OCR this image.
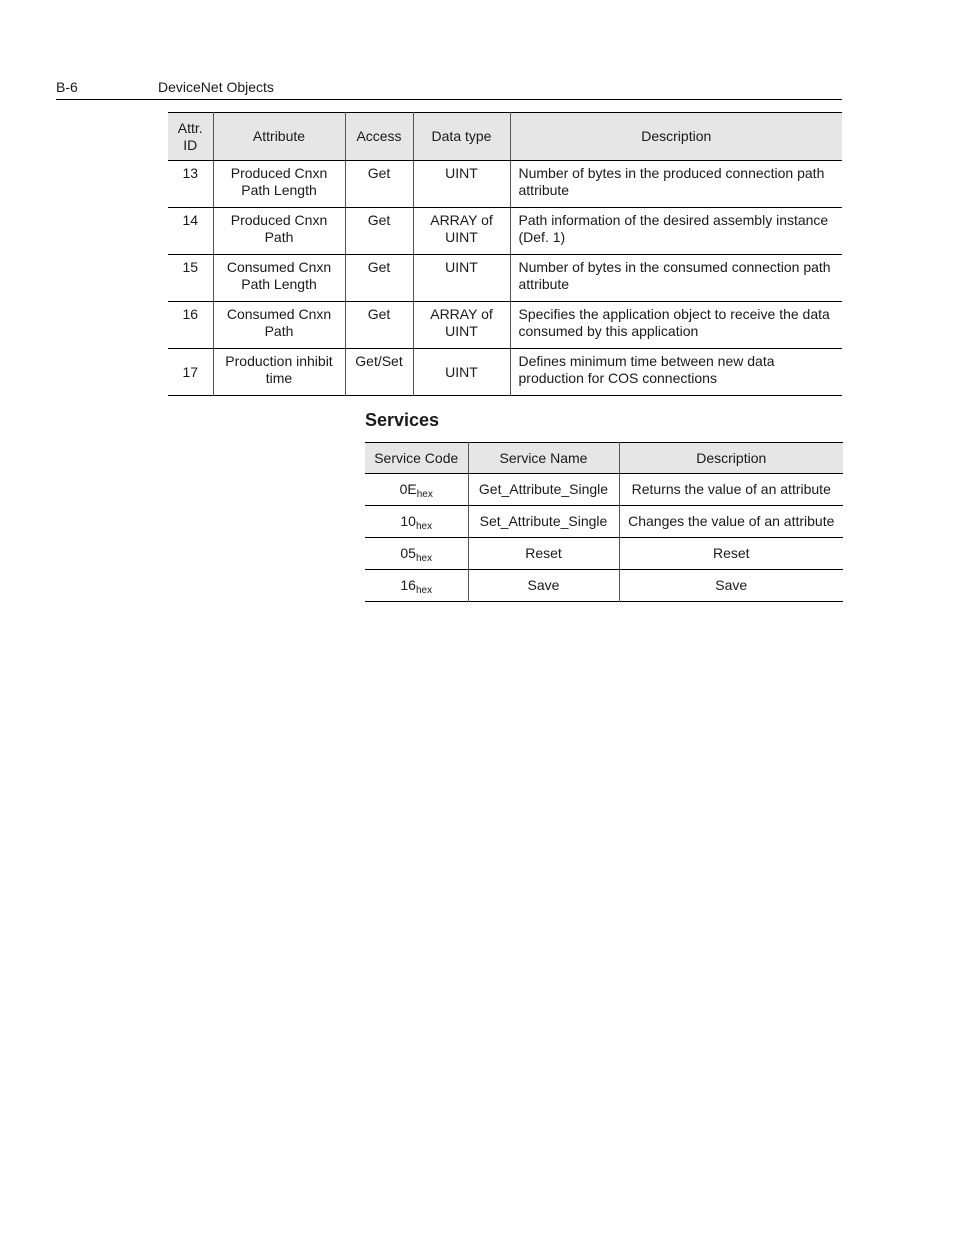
B-6	DeviceNet Objects
Attr. ID	Attribute	Access	Data type	Description
13	Produced Cnxn Path Length	Get	UINT	Number of bytes in the produced connection path attribute
14	Produced Cnxn Path	Get	ARRAY of UINT	Path information of the desired assembly instance (Def. 1)
15	Consumed Cnxn Path Length	Get	UINT	Number of bytes in the consumed connection path attribute
16	Consumed Cnxn Path	Get	ARRAY of UINT	Specifies the application object to receive the data consumed by this application
17	Production inhibit time	Get/Set	UINT	Defines minimum time between new data production for COS connections
Services
Service Code	Service Name	Description
$0E_{hex}$	Get_Attribute_Single	Returns the value of an attribute
$10_{hex}$	Set_Attribute_Single	Changes the value of an attribute
$05_{hex}$	Reset	Reset
$16_{hex}$	Save	Save
